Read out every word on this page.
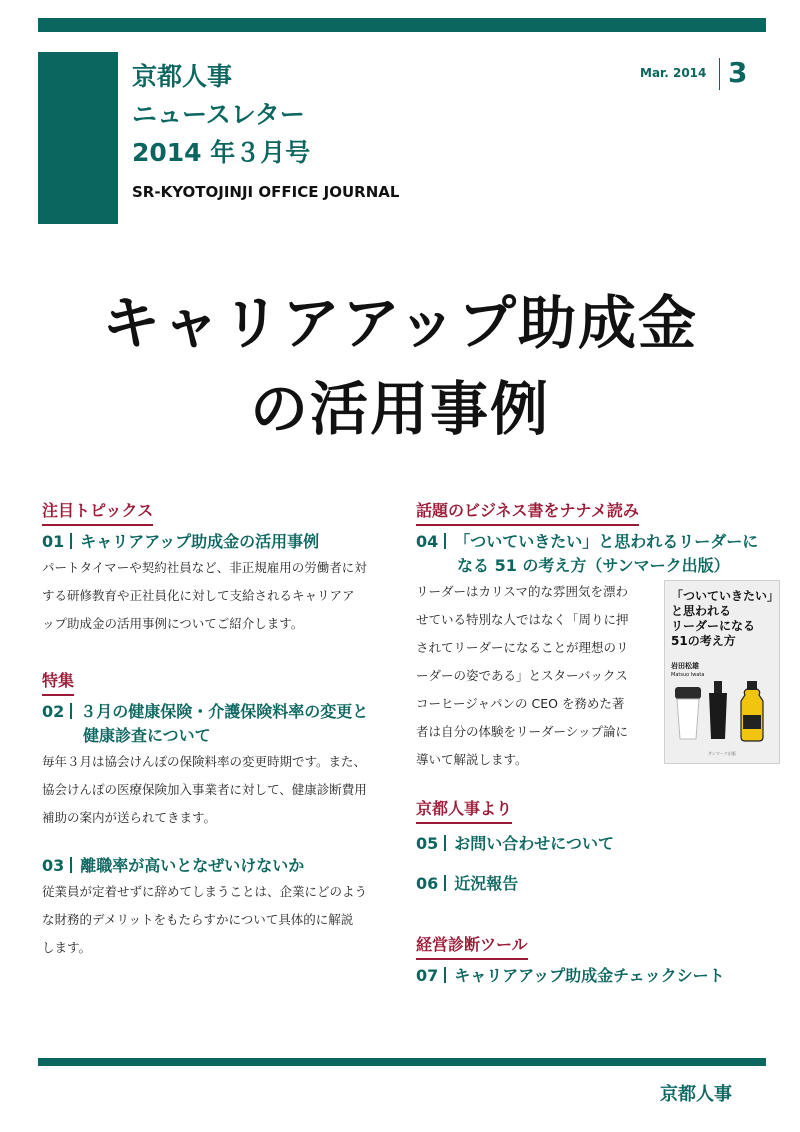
京都人事
ニュースレター
2014 年３月号
SR-KYOTOJINJI OFFICE JOURNAL
Mar. 2014 3
キャリアアップ助成金
の活用事例
注目トピックス
01 キャリアアップ助成金の活用事例
パートタイマーや契約社員など、非正規雇用の労働者に対
する研修教育や正社員化に対して支給されるキャリアア
ップ助成金の活用事例についてご紹介します。
特集
02 ３月の健康保険・介護保険料率の変更と
健康診査について
毎年３月は協会けんぽの保険料率の変更時期です。また、
協会けんぽの医療保険加入事業者に対して、健康診断費用
補助の案内が送られてきます。
03 離職率が高いとなぜいけないか
従業員が定着せずに辞めてしまうことは、企業にどのよう
な財務的デメリットをもたらすかについて具体的に解説
します。
話題のビジネス書をナナメ読み
04 「ついていきたい」と思われるリーダーに
なる 51 の考え方（サンマーク出版）
リーダーはカリスマ的な雰囲気を漂わ
せている特別な人ではなく「周りに押
されてリーダーになることが理想のリ
ーダーの姿である」とスターバックス
コーヒージャパンの CEO を務めた著
者は自分の体験をリーダーシップ論に
導いて解説します。
「ついていきたい」
と思われる
リーダーになる
51の考え方
岩田松雄
Matsuo Iwata
サンマーク出版
京都人事より
05 お問い合わせについて
06 近況報告
経営診断ツール
07 キャリアアップ助成金チェックシート
京都人事
